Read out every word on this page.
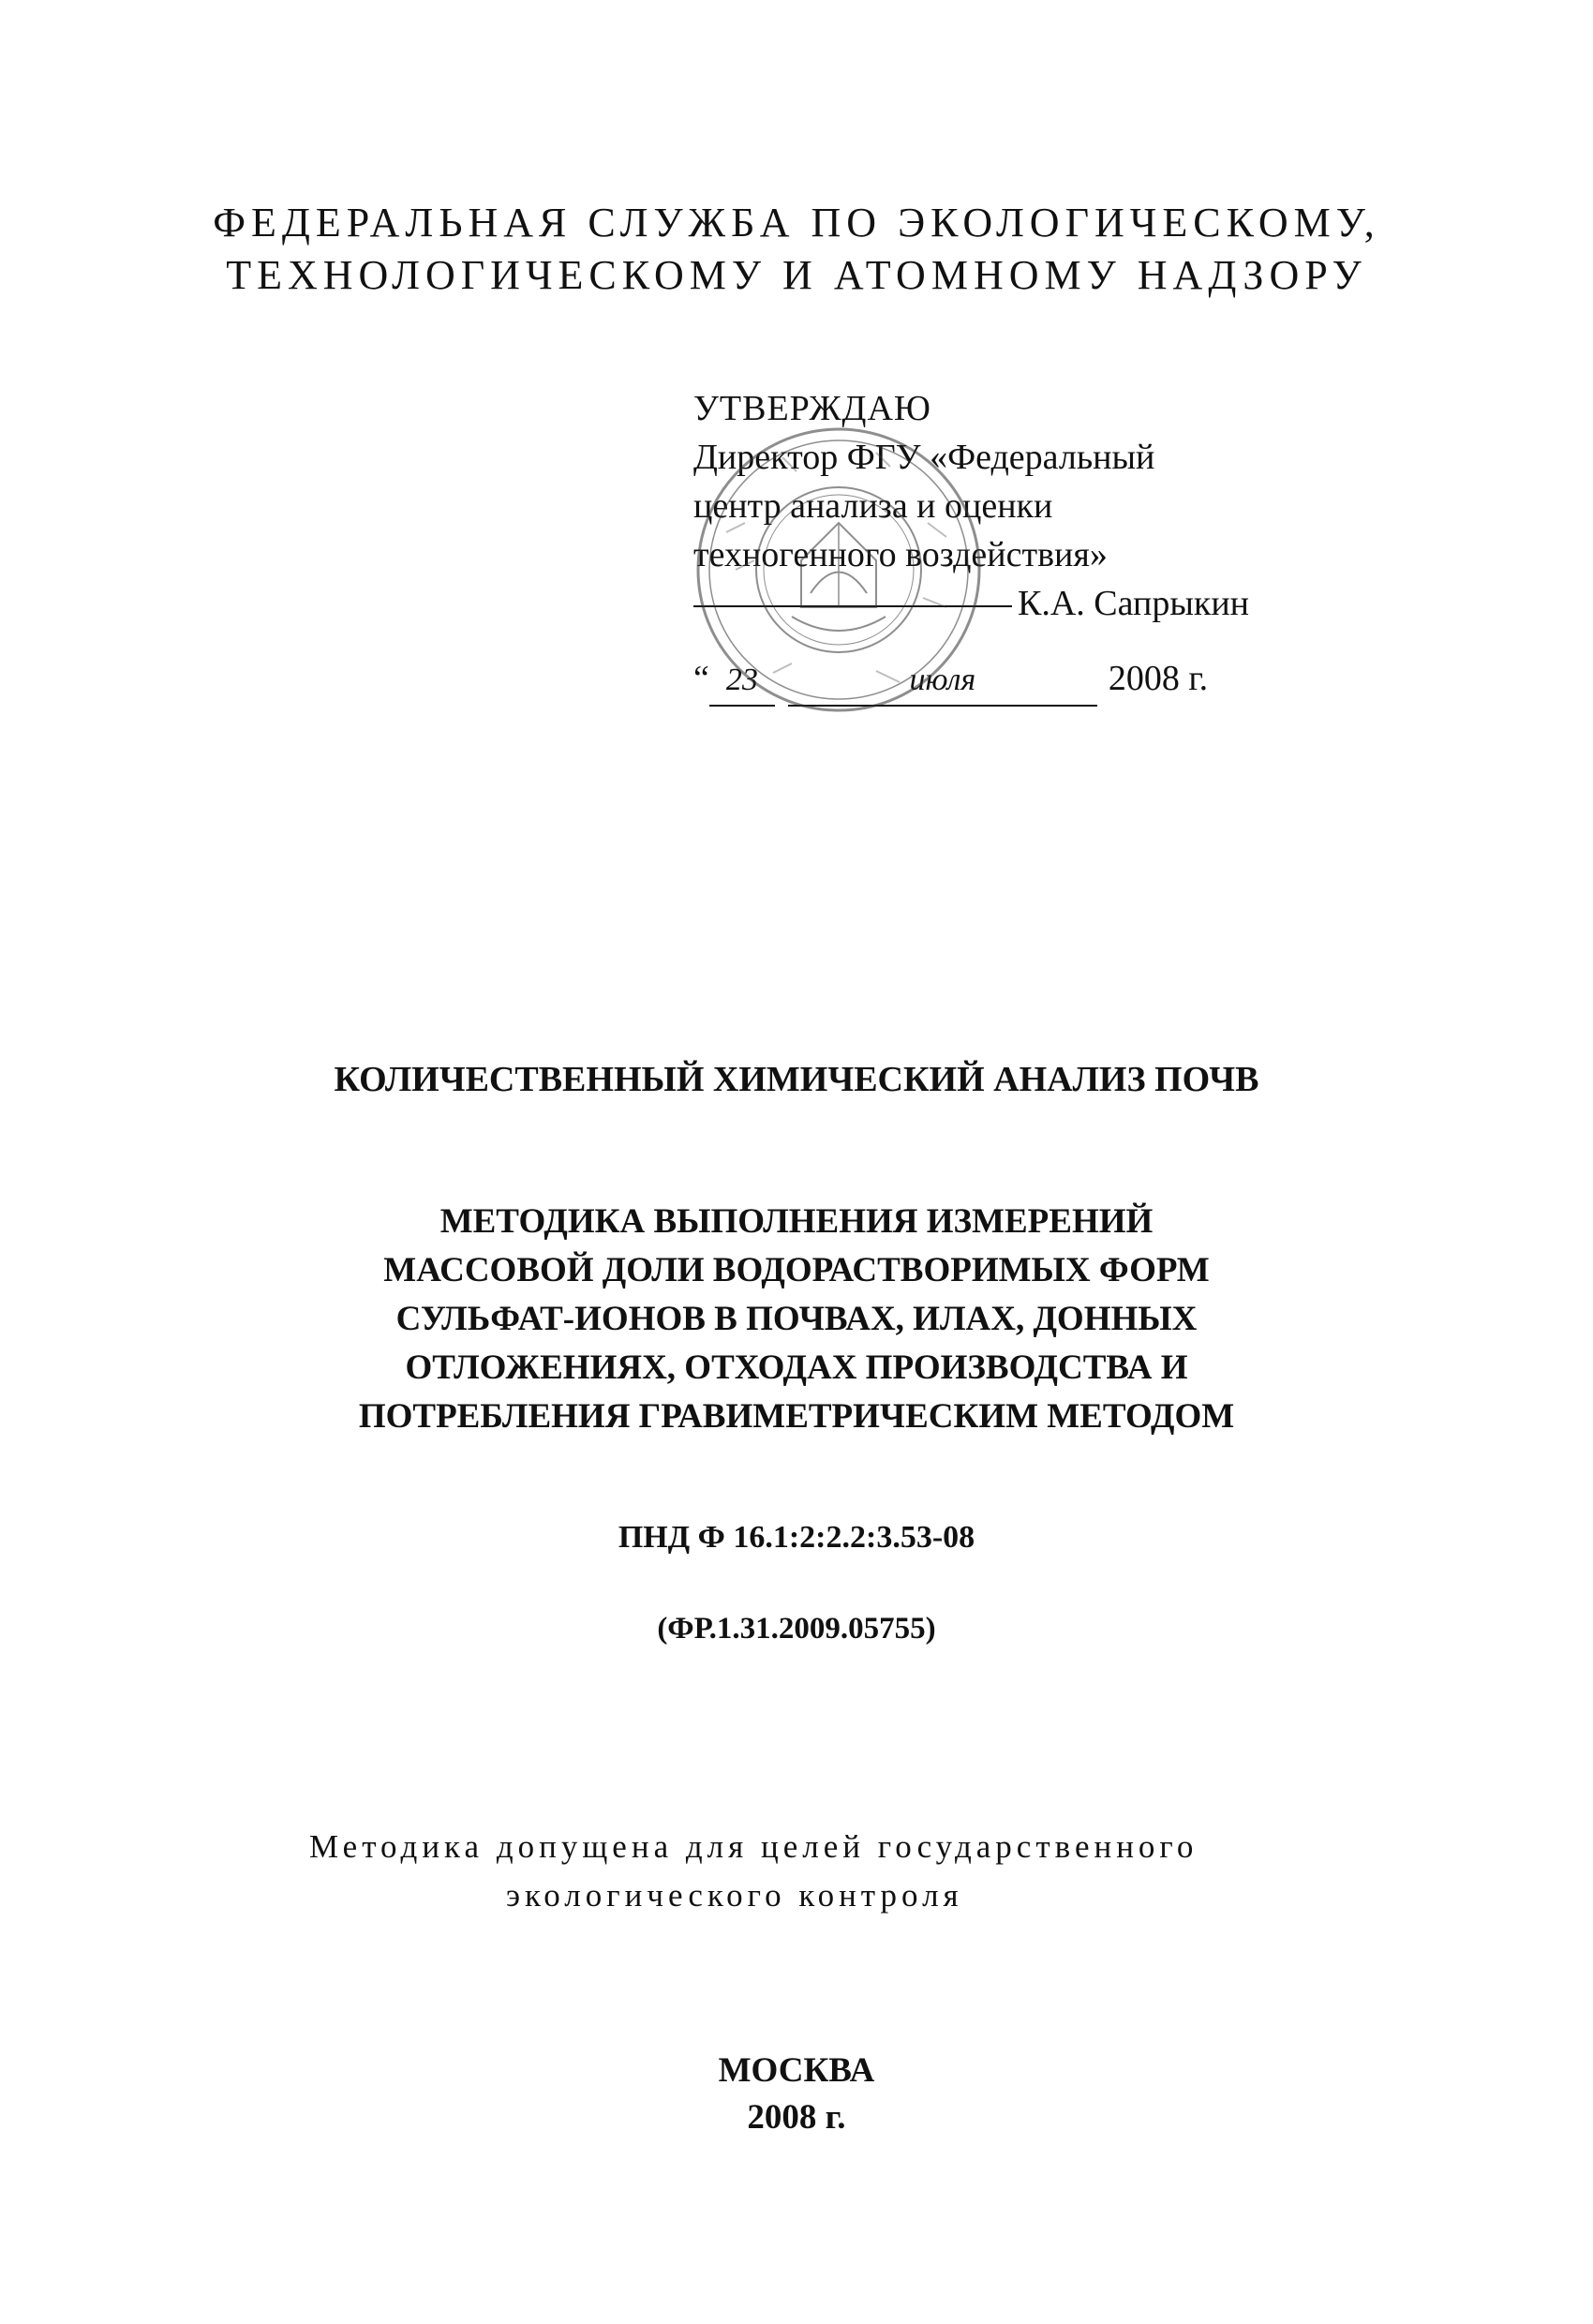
ФЕДЕРАЛЬНАЯ СЛУЖБА ПО ЭКОЛОГИЧЕСКОМУ,
ТЕХНОЛОГИЧЕСКОМУ И АТОМНОМУ НАДЗОРУ
УТВЕРЖДАЮ
Директор ФГУ «Федеральный
центр анализа и оценки
техногенного воздействия»
К.А. Сапрыкин
“ 23	июля	2008 г.
КОЛИЧЕСТВЕННЫЙ ХИМИЧЕСКИЙ АНАЛИЗ ПОЧВ
МЕТОДИКА ВЫПОЛНЕНИЯ ИЗМЕРЕНИЙ
МАССОВОЙ ДОЛИ ВОДОРАСТВОРИМЫХ ФОРМ
СУЛЬФАТ-ИОНОВ В ПОЧВАХ, ИЛАХ, ДОННЫХ
ОТЛОЖЕНИЯХ, ОТХОДАХ ПРОИЗВОДСТВА И
ПОТРЕБЛЕНИЯ ГРАВИМЕТРИЧЕСКИМ МЕТОДОМ
ПНД Ф 16.1:2:2.2:3.53-08
(ФР.1.31.2009.05755)
Методика допущена для целей государственного
экологического контроля
МОСКВА
2008 г.
